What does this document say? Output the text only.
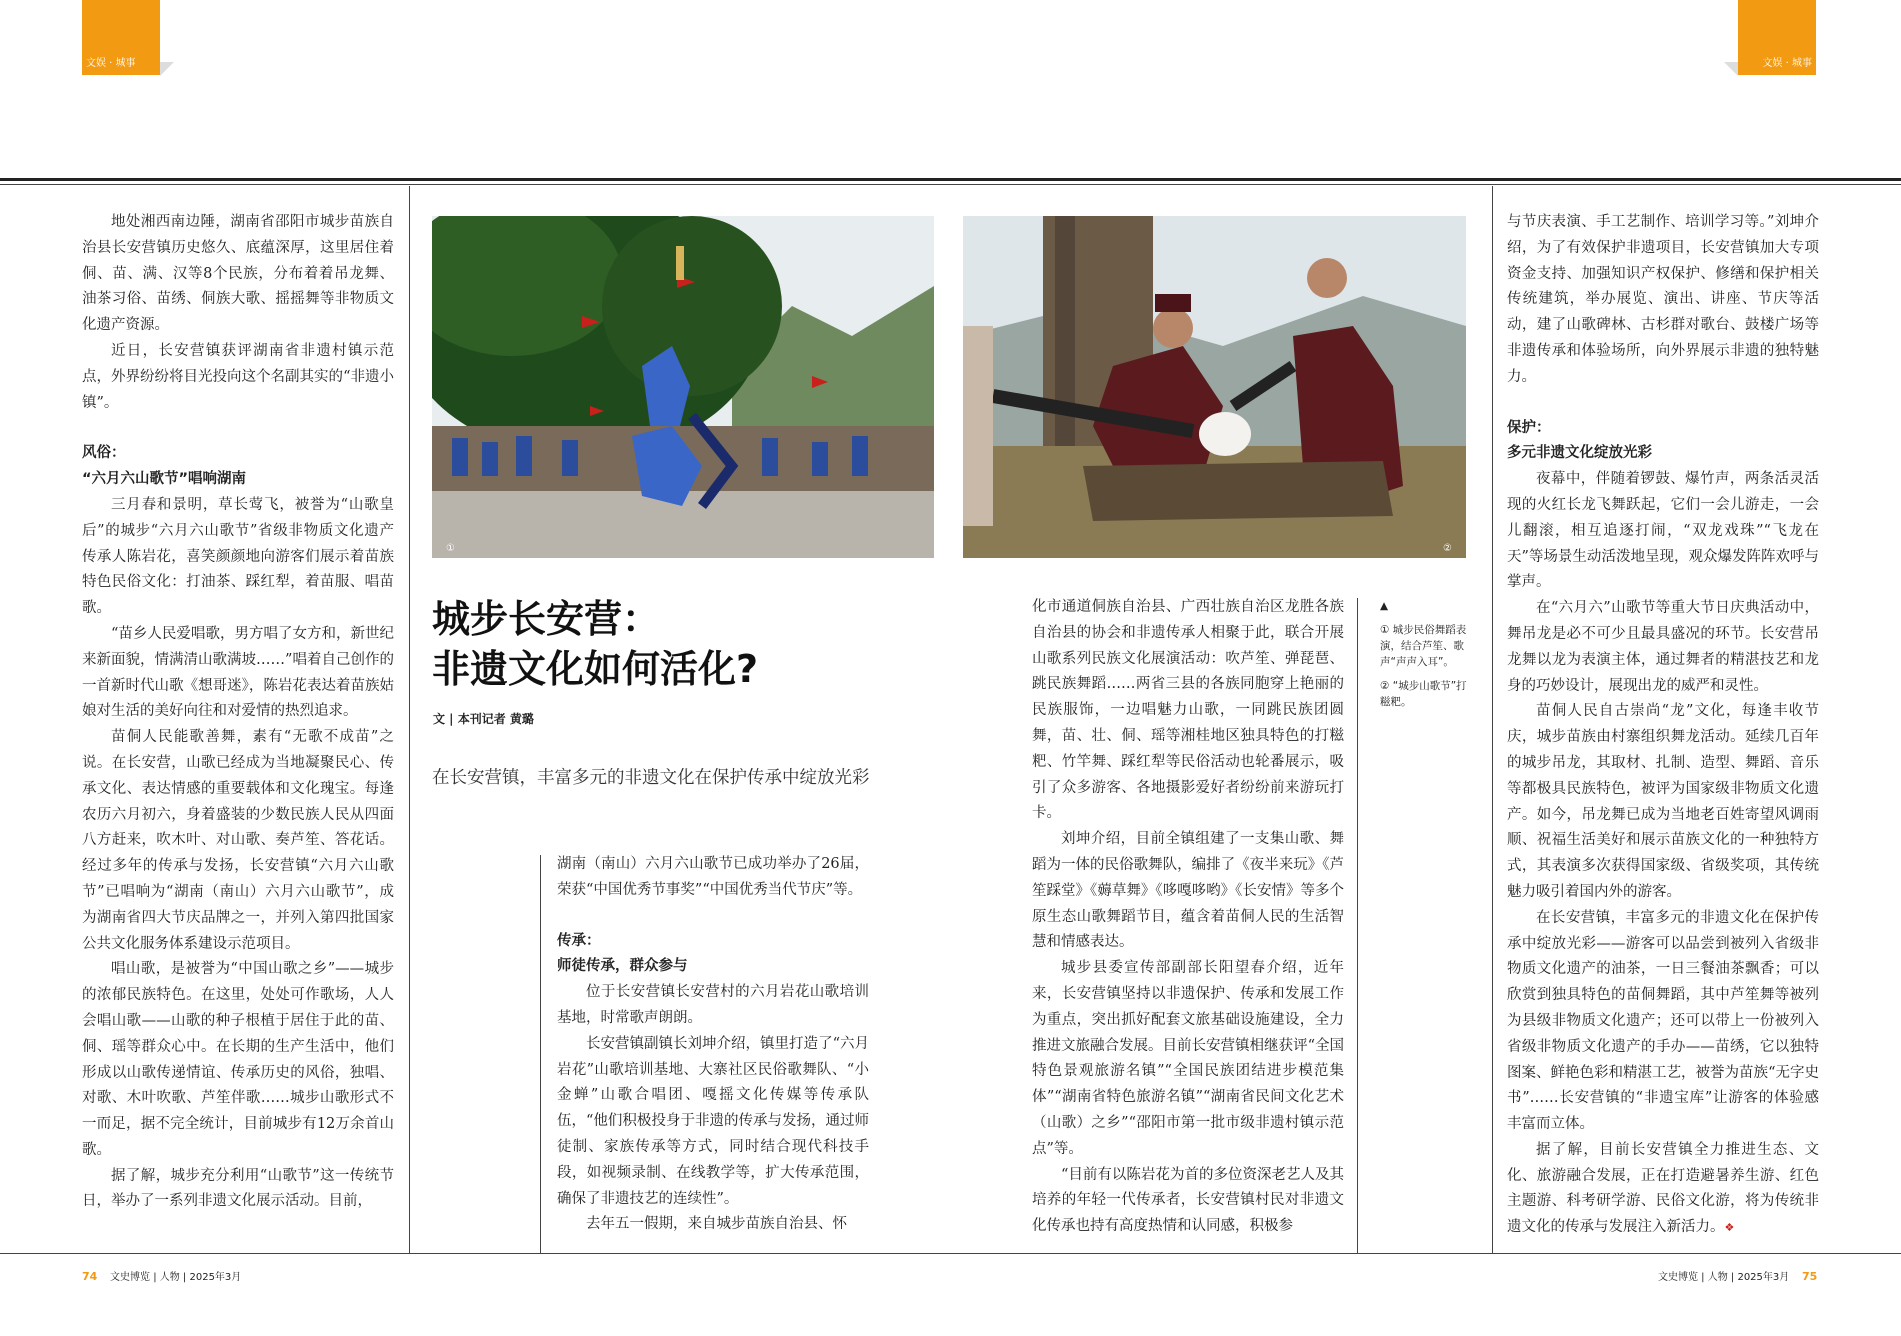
文娱 · 城事	文娱 · 城事

地处湘西南边陲，湖南省邵阳市城步苗族自治县长安营镇历史悠久、底蕴深厚，这里居住着侗、苗、满、汉等8个民族，分布着着吊龙舞、油茶习俗、苗绣、侗族大歌、摇摇舞等非物质文化遗产资源。

近日，长安营镇获评湖南省非遗村镇示范点，外界纷纷将目光投向这个名副其实的“非遗小镇”。

风俗：
“六月六山歌节”唱响湖南

三月春和景明，草长莺飞，被誉为“山歌皇后”的城步“六月六山歌节”省级非物质文化遗产传承人陈岩花，喜笑颜颜地向游客们展示着苗族特色民俗文化：打油茶、踩红犁，着苗服、唱苗歌。

“苗乡人民爱唱歌，男方唱了女方和，新世纪来新面貌，情满清山歌满坡……”唱着自己创作的一首新时代山歌《想哥迷》，陈岩花表达着苗族姑娘对生活的美好向往和对爱情的热烈追求。

苗侗人民能歌善舞，素有“无歌不成苗”之说。在长安营，山歌已经成为当地凝聚民心、传承文化、表达情感的重要载体和文化瑰宝。每逢农历六月初六，身着盛装的少数民族人民从四面八方赶来，吹木叶、对山歌、奏芦笙、答花话。经过多年的传承与发扬，长安营镇“六月六山歌节”已唱响为“湖南（南山）六月六山歌节”，成为湖南省四大节庆品牌之一，并列入第四批国家公共文化服务体系建设示范项目。

唱山歌，是被誉为“中国山歌之乡”——城步的浓郁民族特色。在这里，处处可作歌场，人人会唱山歌——山歌的种子根植于居住于此的苗、侗、瑶等群众心中。在长期的生产生活中，他们形成以山歌传递情谊、传承历史的风俗，独唱、对歌、木叶吹歌、芦笙伴歌……城步山歌形式不一而足，据不完全统计，目前城步有12万余首山歌。

据了解，城步充分利用“山歌节”这一传统节日，举办了一系列非遗文化展示活动。目前，

①	②
城步长安营：
非遗文化如何活化?
文 | 本刊记者 黄璐
在长安营镇，丰富多元的非遗文化在保护传承中绽放光彩

湖南（南山）六月六山歌节已成功举办了26届，荣获“中国优秀节事奖”“中国优秀当代节庆”等。

传承：
师徒传承，群众参与

位于长安营镇长安营村的六月岩花山歌培训基地，时常歌声朗朗。

长安营镇副镇长刘坤介绍，镇里打造了“六月岩花”山歌培训基地、大寨社区民俗歌舞队、“小金蝉”山歌合唱团、嘎摇文化传媒等传承队伍，“他们积极投身于非遗的传承与发扬，通过师徒制、家族传承等方式，同时结合现代科技手段，如视频录制、在线教学等，扩大传承范围，确保了非遗技艺的连续性”。

去年五一假期，来自城步苗族自治县、怀

化市通道侗族自治县、广西壮族自治区龙胜各族自治县的协会和非遗传承人相聚于此，联合开展山歌系列民族文化展演活动：吹芦笙、弹琵琶、跳民族舞蹈……两省三县的各族同胞穿上艳丽的民族服饰，一边唱魅力山歌，一同跳民族团圆舞，苗、壮、侗、瑶等湘桂地区独具特色的打糍粑、竹竿舞、踩红犁等民俗活动也轮番展示，吸引了众多游客、各地摄影爱好者纷纷前来游玩打卡。

刘坤介绍，目前全镇组建了一支集山歌、舞蹈为一体的民俗歌舞队，编排了《夜半来玩》《芦笙踩堂》《薅草舞》《哆嘎哆哟》《长安情》等多个原生态山歌舞蹈节目，蕴含着苗侗人民的生活智慧和情感表达。

城步县委宣传部副部长阳望春介绍，近年来，长安营镇坚持以非遗保护、传承和发展工作为重点，突出抓好配套文旅基础设施建设，全力推进文旅融合发展。目前长安营镇相继获评“全国特色景观旅游名镇”“全国民族团结进步模范集体”“湖南省特色旅游名镇”“湖南省民间文化艺术（山歌）之乡”“邵阳市第一批市级非遗村镇示范点”等。

“目前有以陈岩花为首的多位资深老艺人及其培养的年轻一代传承者，长安营镇村民对非遗文化传承也持有高度热情和认同感，积极参

▲

① 城步民俗舞蹈表演，结合芦笙、歌声“声声入耳”。

② “城步山歌节”打糍粑。

与节庆表演、手工艺制作、培训学习等。”刘坤介绍，为了有效保护非遗项目，长安营镇加大专项资金支持、加强知识产权保护、修缮和保护相关传统建筑，举办展览、演出、讲座、节庆等活动，建了山歌碑林、古杉群对歌台、鼓楼广场等非遗传承和体验场所，向外界展示非遗的独特魅力。

保护：
多元非遗文化绽放光彩

夜幕中，伴随着锣鼓、爆竹声，两条活灵活现的火红长龙飞舞跃起，它们一会儿游走，一会儿翻滚，相互追逐打闹，“双龙戏珠”“飞龙在天”等场景生动活泼地呈现，观众爆发阵阵欢呼与掌声。

在“六月六”山歌节等重大节日庆典活动中，舞吊龙是必不可少且最具盛况的环节。长安营吊龙舞以龙为表演主体，通过舞者的精湛技艺和龙身的巧妙设计，展现出龙的威严和灵性。

苗侗人民自古崇尚“龙”文化，每逢丰收节庆，城步苗族由村寨组织舞龙活动。延续几百年的城步吊龙，其取材、扎制、造型、舞蹈、音乐等都极具民族特色，被评为国家级非物质文化遗产。如今，吊龙舞已成为当地老百姓寄望风调雨顺、祝福生活美好和展示苗族文化的一种独特方式，其表演多次获得国家级、省级奖项，其传统魅力吸引着国内外的游客。

在长安营镇，丰富多元的非遗文化在保护传承中绽放光彩——游客可以品尝到被列入省级非物质文化遗产的油茶，一日三餐油茶飘香；可以欣赏到独具特色的苗侗舞蹈，其中芦笙舞等被列为县级非物质文化遗产；还可以带上一份被列入省级非物质文化遗产的手办——苗绣，它以独特图案、鲜艳色彩和精湛工艺，被誉为苗族“无字史书”……长安营镇的“非遗宝库”让游客的体验感丰富而立体。

据了解，目前长安营镇全力推进生态、文化、旅游融合发展，正在打造避暑养生游、红色主题游、科考研学游、民俗文化游，将为传统非遗文化的传承与发展注入新活力。❖

74 文史博览 | 人物 | 2025年3月	文史博览 | 人物 | 2025年3月 75
